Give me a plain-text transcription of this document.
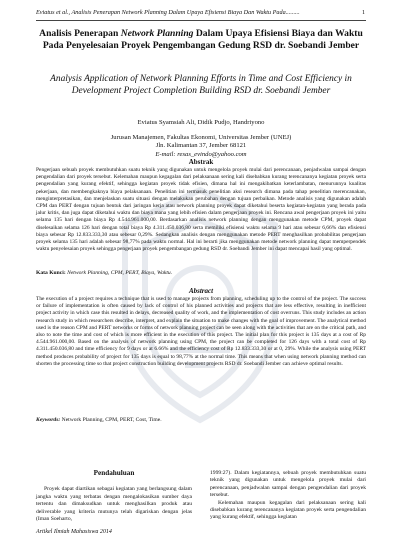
Eviatus et al., Analisis Penerapan Network Planning Dalam Upaya Efisiensi Biaya Dan Waktu Pada.........	1
Analisis Penerapan Network Planning Dalam Upaya Efisiensi Biaya dan Waktu Pada Penyelesaian Proyek Pengembangan Gedung RSD dr. Soebandi Jember
Analysis Application of Network Planning Efforts in Time and Cost Efficiency in Development Project Completion Building RSD dr. Soebandi Jember
Eviatus Syamsiah Ali, Didik Pudjo, Handriyono
Jurusan Manajemen, Fakultas Ekonomi, Universitas Jember (UNEJ)
Jln. Kalimantan 37, Jember 68121
E-mail: resas_evindo@yahoo.com
Abstrak
Pengerjaan sebuah proyek membutuhkan suatu teknik yang digunakan untuk mengelola proyek mulai dari perencanaan, penjadwalan sampai dengan pengendalian dari proyek tersebut. Kelemahan maupun kegagalan dari pelaksanaan sering kali disebabkan kurang terencananya kegiatan proyek serta pengendalian yang kurang efektif, sehingga kegiatan proyek tidak efisien, dimana hal ini mengakibatkan keterlambatan, menurunnya kualitas pekerjaan, dan membengkaknya biaya pelaksanaan. Penelitian ini termasuk penelitian aksi research dimana pada tahap penelitian merencanakan, menginterpretasikan, dan menjelaskan suatu situasi dengan melakukan perubahan dengan tujuan perbaikan. Metode analisis yang digunakan adalah CPM dan PERT dengan tujuan bentuk dari jaringan kerja atau network planning proyek dapat diketahui beserta kegiatan-kegiatan yang berada pada jalur kritis, dan juga dapat diketahui waktu dan biaya mana yang lebih efisien dalam pengerjaan proyek ini. Rencana awal pengerjaan proyek ini yaitu selama 135 hari dengan biaya Rp 4.544.961.000,00. Berdasarkan analisis network planning dengan menggunakan metode CPM, proyek dapat diselesaikan selama 126 hari dengan total biaya Rp 4.311.450.036,80 serta memiliki efisiensi waktu selama 9 hari atau sebesar 6,66% dan efisiensi biaya sebesar Rp 12.833.333,30 atau sebesar 0,29%. Sedangkan analisis dengan menggunakan metode PERT menghasilkan probabilitas pengerjaan proyek selama 135 hari adalah sebesar 98,77% pada waktu normal. Hal ini berarti jika menggunakan metode network planning dapat memperpendek waktu penyelesaian proyek sehingga pengerjaan proyek pengembangan gedung RSD dr. Soebandi Jember ini dapat mencapai hasil yang optimal.
Kata Kunci: Network Planning, CPM, PERT, Biaya, Waktu.
Abstract
The execution of a project requires a technique that is used to manage projects from planning, scheduling up to the control of the project. The success or failure of implementation is often caused by lack of control of his planned activities and projects that are less effective, resulting in inefficient project activity in which case this resulted in delays, decreased quality of work, and the implementation of cost overruns. This study includes an action research study in which researchers describe, interpret, and explain the situation to make changes with the goal of improvement. The analytical method used is the reason CPM and PERT networks or forms of network planning project can be seen along with the activities that are on the critical path, and also to note the time and cost of which is more efficient in the execution of this project. The initial plan for this project is 135 days at a cost of Rp 4.544.961.000,00. Based on the analysis of network planning using CPM, the project can be completed for 126 days with a total cost of Rp 4.311.450.036,80 and time efficiency for 9 days or at 6.66% and the efficiency cost of Rp 12.833.333,30 or at 0, 29%. While the analysis using PERT method produces probability of project for 135 days is equal to 98,77% at the normal time. This means that when using network planning method can shorten the processing time so that project construction building development projects RSD dr. Soebandi Jember can achieve optimal results.
Keywords: Network Planning, CPM, PERT, Cost, Time.
Pendahuluan

Proyek dapat diartikan sebagai kegiatan yang berlangsung dalam jangka waktu yang terbatas dengan mengalokasikan sumber daya tertentu dan dimaksudkan untuk menghasilkan produk atau deliverable yang kriteria mutunya telah digariskan dengan jelas (Iman Soeharto,

1999:27). Dalam kegiatannya, sebuah proyek membutuhkan suatu teknik yang digunakan untuk mengelola proyek mulai dari perencanaan, penjadwalan sampai dengan pengendalian dari proyek tersebut.

Kelemahan maupun kegagalan dari pelaksanaan sering kali disebabkan kurang terencananya kegiatan proyek serta pengendalian yang kurang efektif, sehingga kegiatan

Artikel Ilmiah Mahasiswa 2014
